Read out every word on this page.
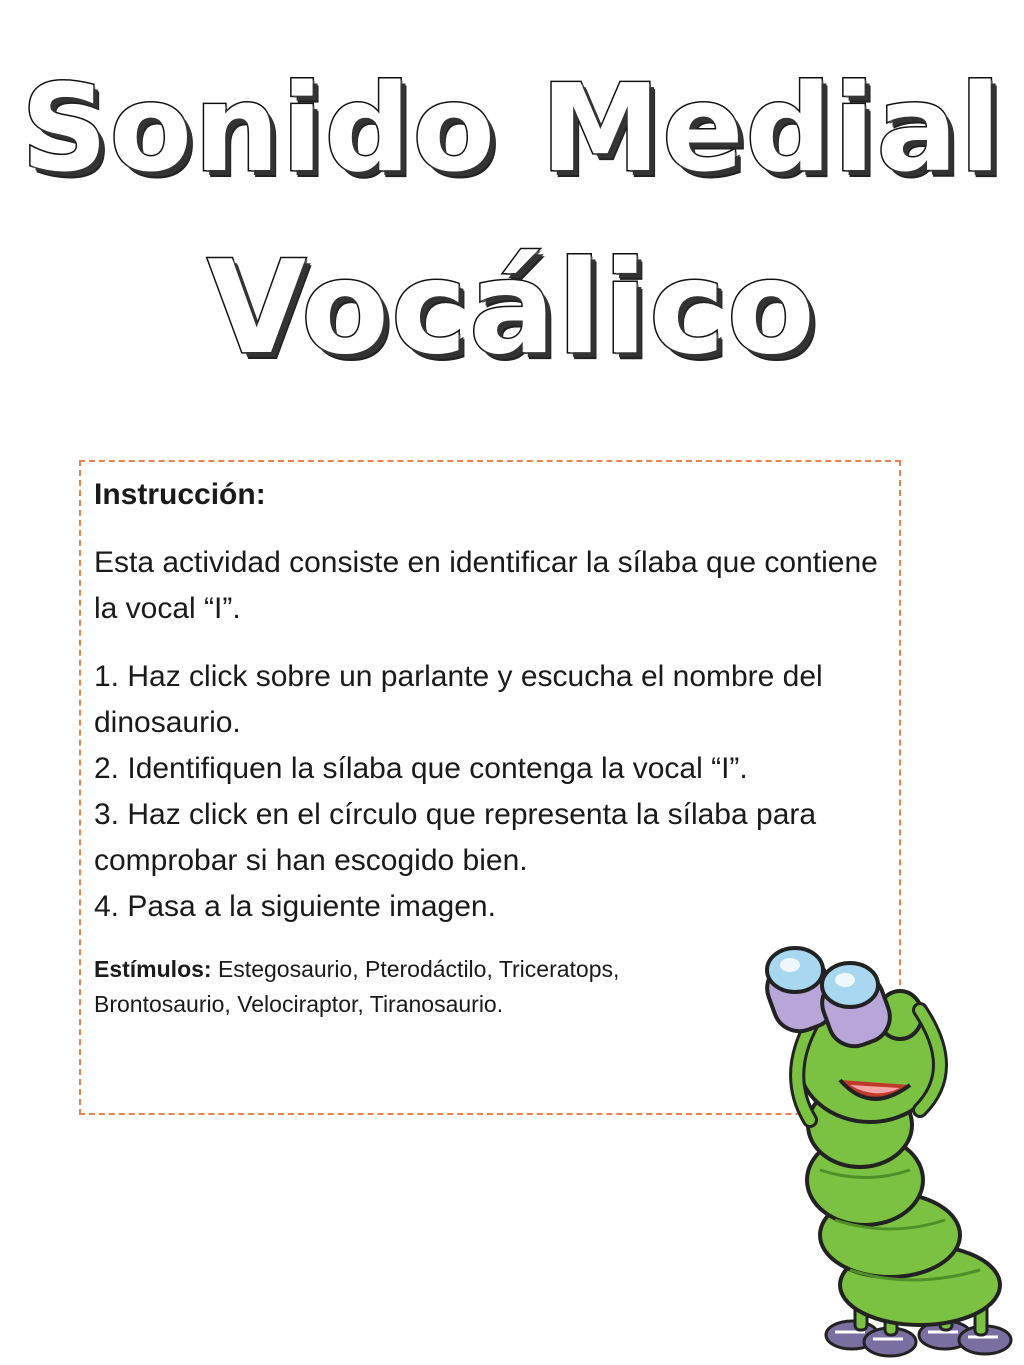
Sonido Medial
Vocálico
Instrucción:
Esta actividad consiste en identificar la sílaba que contiene la vocal “I”.
1. Haz click sobre un parlante y escucha el nombre del dinosaurio.
2. Identifiquen la sílaba que contenga la vocal “I”.
3. Haz click en el círculo que representa la sílaba para comprobar si han escogido bien.
4. Pasa a la siguiente imagen.
Estímulos: Estegosaurio, Pterodáctilo, Triceratops, Brontosaurio, Velociraptor, Tiranosaurio.
